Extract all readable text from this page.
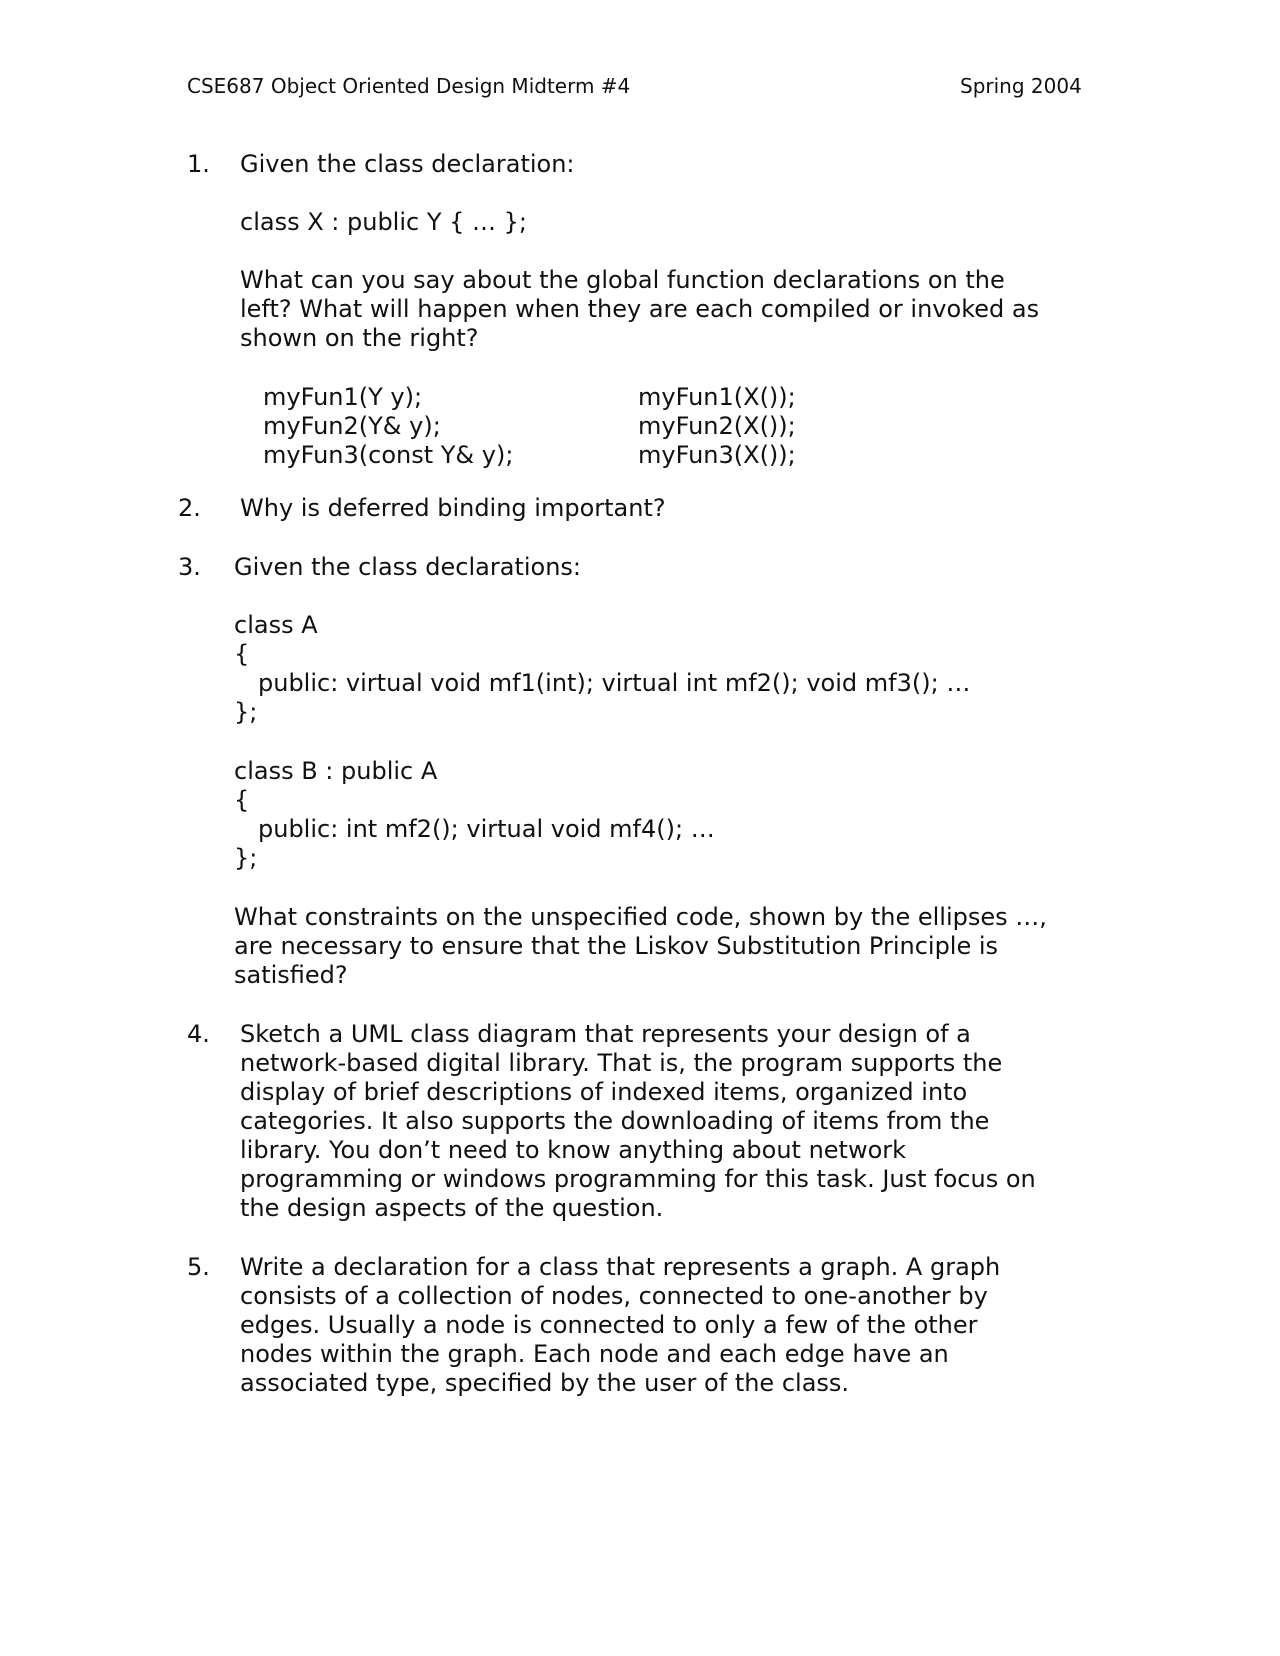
CSE687 Object Oriented Design Midterm #4	Spring 2004
1. Given the class declaration:
class X : public Y { … };
What can you say about the global function declarations on the
left? What will happen when they are each compiled or invoked as
shown on the right?
myFun1(Y y);
myFun2(Y& y);
myFun3(const Y& y);
myFun1(X());
myFun2(X());
myFun3(X());
2. Why is deferred binding important?
3. Given the class declarations:
class A
{
public: virtual void mf1(int); virtual int mf2(); void mf3(); …
};
class B : public A
{
public: int mf2(); virtual void mf4(); …
};
What constraints on the unspecified code, shown by the ellipses …,
are necessary to ensure that the Liskov Substitution Principle is
satisfied?
4. Sketch a UML class diagram that represents your design of a
network-based digital library. That is, the program supports the
display of brief descriptions of indexed items, organized into
categories. It also supports the downloading of items from the
library. You don’t need to know anything about network
programming or windows programming for this task. Just focus on
the design aspects of the question.
5. Write a declaration for a class that represents a graph. A graph
consists of a collection of nodes, connected to one-another by
edges. Usually a node is connected to only a few of the other
nodes within the graph. Each node and each edge have an
associated type, specified by the user of the class.
